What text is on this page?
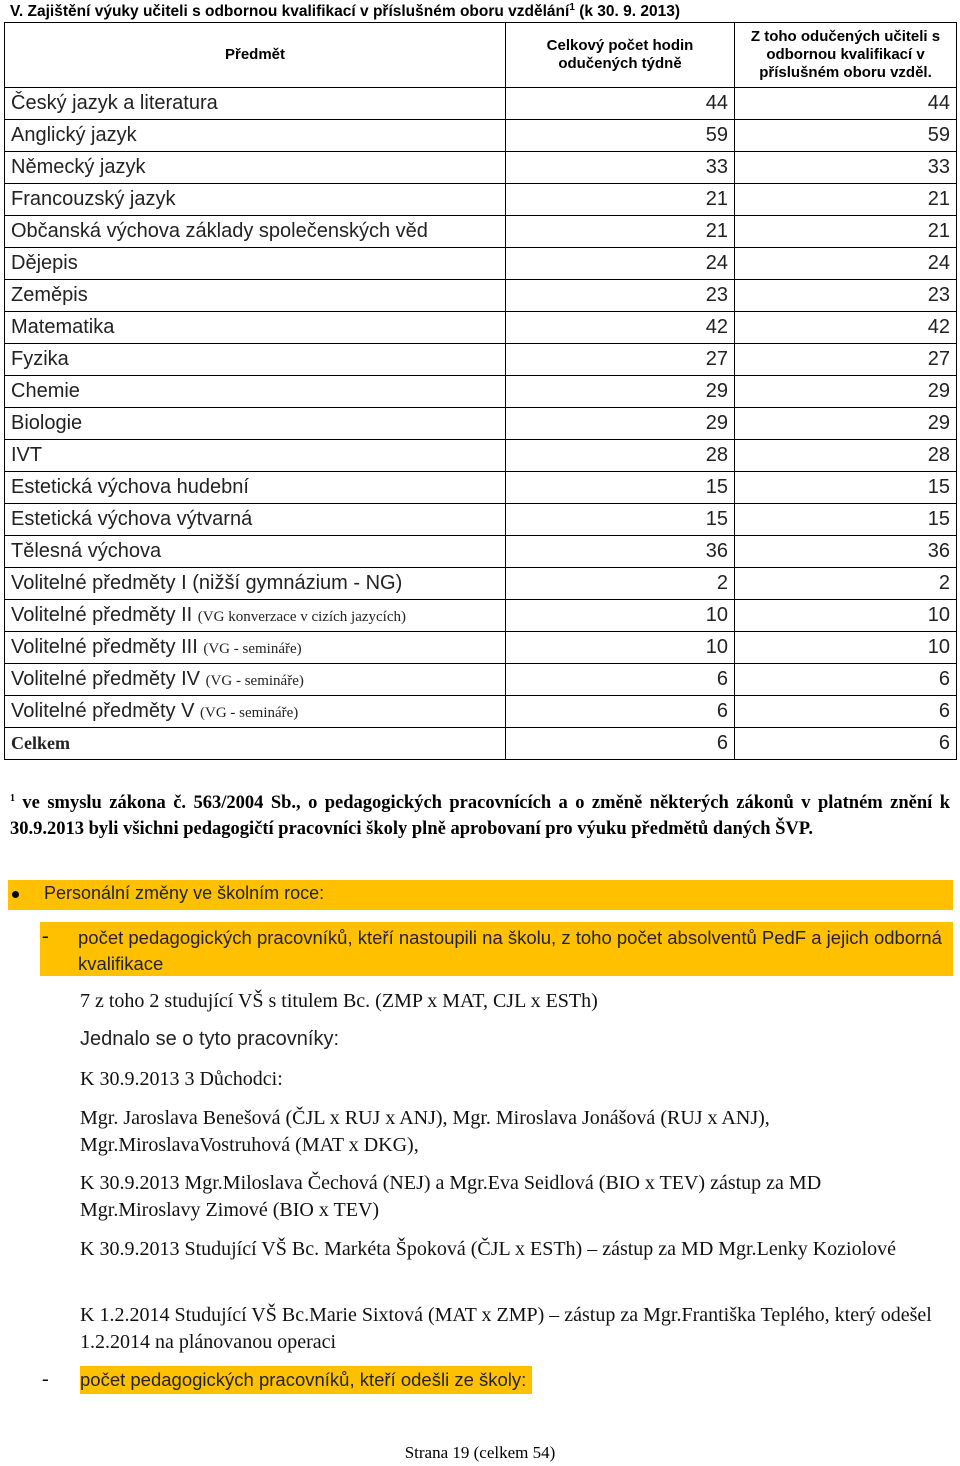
V. Zajištění výuky učiteli s odbornou kvalifikací v příslušném oboru vzdělání$^1$ (k 30. 9. 2013)
Předmět	Celkový počet hodin odučených týdně	Z toho odučených učiteli s odbornou kvalifikací v příslušném oboru vzděl.
Český jazyk a literatura	44	44
Anglický jazyk	59	59
Německý jazyk	33	33
Francouzský jazyk	21	21
Občanská výchova základy společenských věd	21	21
Dějepis	24	24
Zeměpis	23	23
Matematika	42	42
Fyzika	27	27
Chemie	29	29
Biologie	29	29
IVT	28	28
Estetická výchova hudební	15	15
Estetická výchova výtvarná	15	15
Tělesná výchova	36	36
Volitelné předměty I (nižší gymnázium - NG)	2	2
Volitelné předměty II (VG konverzace v cizích jazycích)	10	10
Volitelné předměty III (VG - semináře)	10	10
Volitelné předměty IV (VG - semináře)	6	6
Volitelné předměty V (VG - semináře)	6	6
Celkem	6	6
$^1$ ve smyslu zákona č. 563/2004 Sb., o pedagogických pracovnících a o změně některých zákonů v platném znění k 30.9.2013 byli všichni pedagogičtí pracovníci školy plně aprobovaní pro výuku předmětů daných ŠVP.
Personální změny ve školním roce:
počet pedagogických pracovníků, kteří nastoupili na školu, z toho počet absolventů PedF a jejich odborná kvalifikace
-
7 z toho 2 studující VŠ s titulem Bc. (ZMP x MAT, CJL x ESTh)
Jednalo se o tyto pracovníky:
K 30.9.2013 3 Důchodci:
Mgr. Jaroslava Benešová (ČJL x RUJ x ANJ), Mgr. Miroslava Jonášová (RUJ x ANJ), Mgr.MiroslavaVostruhová (MAT x DKG),
K 30.9.2013 Mgr.Miloslava Čechová (NEJ) a Mgr.Eva Seidlová (BIO x TEV) zástup za MD Mgr.Miroslavy Zimové (BIO x TEV)
K 30.9.2013 Studující VŠ Bc. Markéta Špoková (ČJL x ESTh) – zástup za MD Mgr.Lenky Koziolové
K 1.2.2014 Studující VŠ Bc.Marie Sixtová (MAT x ZMP) – zástup za Mgr.Františka Teplého, který odešel 1.2.2014 na plánovanou operaci
- počet pedagogických pracovníků, kteří odešli ze školy:
Strana 19 (celkem 54)
